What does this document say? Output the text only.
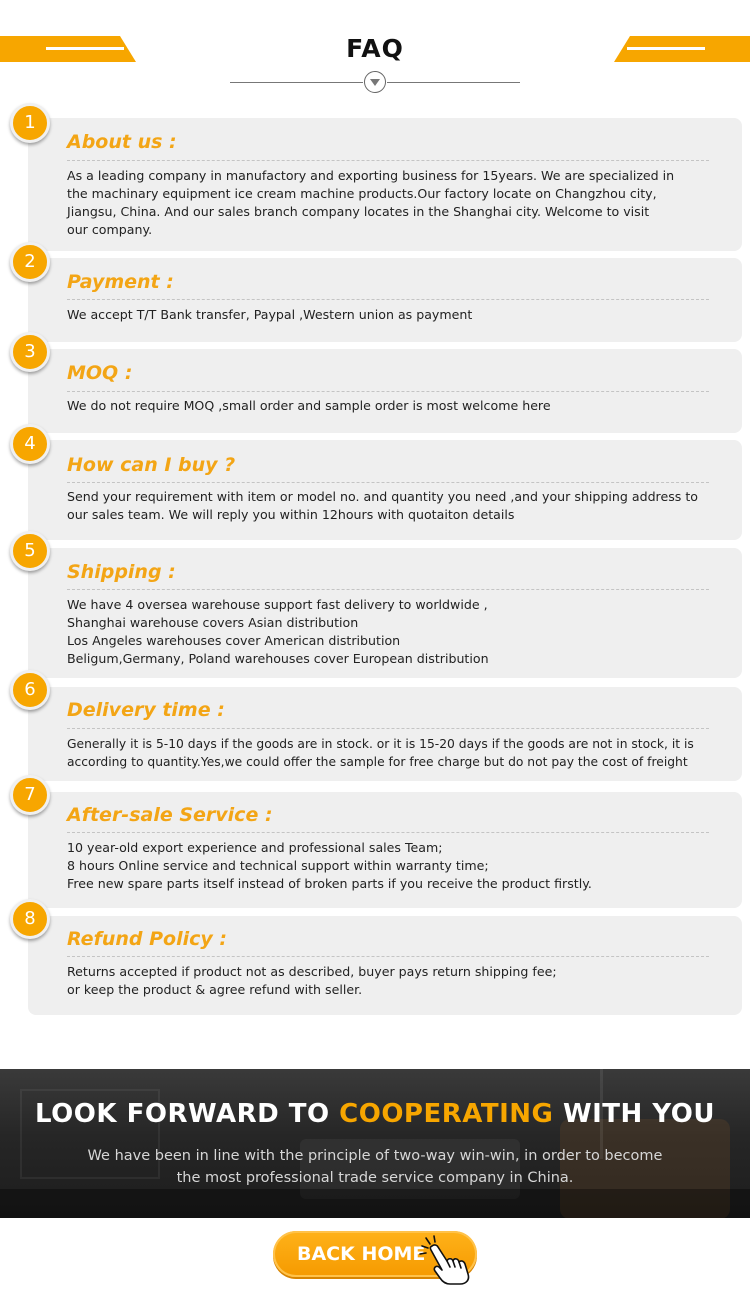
FAQ
About us :
As a leading company in manufactory and exporting business for 15years. We are specialized in
the machinary equipment ice cream machine products.Our factory locate on Changzhou city,
Jiangsu, China. And our sales branch company locates in the Shanghai city. Welcome to visit
our company.
1
Payment :
We accept T/T Bank transfer, Paypal ,Western union as payment
2
MOQ :
We do not require MOQ ,small order and sample order is most welcome here
3
How can I buy ?
Send your requirement with item or model no. and quantity you need ,and your shipping address to
our sales team. We will reply you within 12hours with quotaiton details
4
Shipping :
We have 4 oversea warehouse support fast delivery to worldwide ,
Shanghai warehouse covers Asian distribution
Los Angeles warehouses cover American distribution
Beligum,Germany, Poland warehouses cover European distribution
5
Delivery time :
Generally it is 5-10 days if the goods are in stock. or it is 15-20 days if the goods are not in stock, it is
according to quantity.Yes,we could offer the sample for free charge but do not pay the cost of freight
6
After-sale Service :
10 year-old export experience and professional sales Team;
8 hours Online service and technical support within warranty time;
Free new spare parts itself instead of broken parts if you receive the product firstly.
7
Refund Policy :
Returns accepted if product not as described, buyer pays return shipping fee;
or keep the product & agree refund with seller.
8
LOOK FORWARD TO COOPERATING WITH YOU
We have been in line with the principle of two-way win-win, in order to become
the most professional trade service company in China.
BACK HOME
